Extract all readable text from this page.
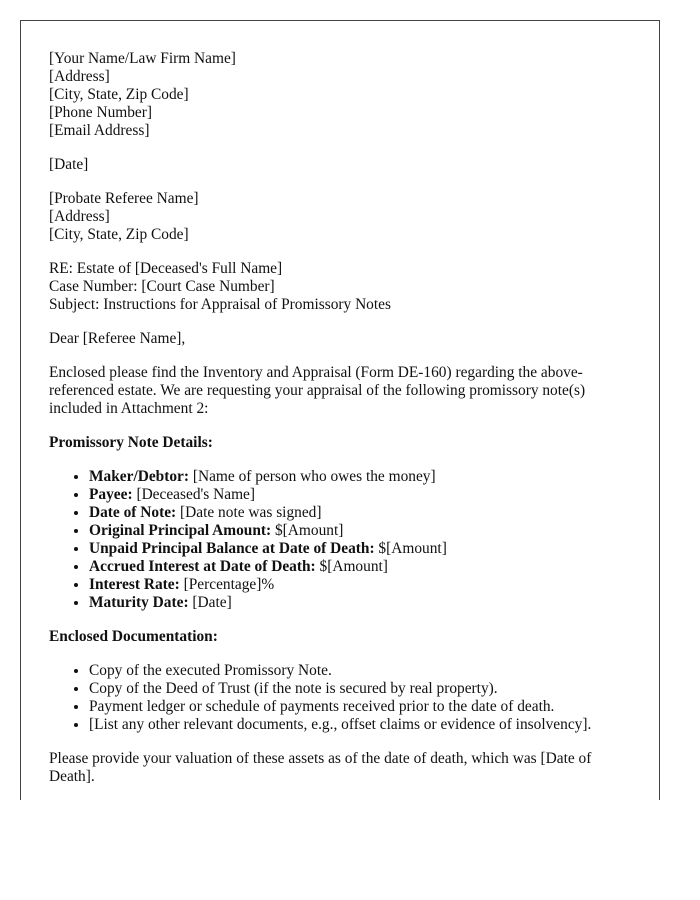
[Your Name/Law Firm Name]
[Address]
[City, State, Zip Code]
[Phone Number]
[Email Address]
[Date]
[Probate Referee Name]
[Address]
[City, State, Zip Code]
RE: Estate of [Deceased's Full Name]
Case Number: [Court Case Number]
Subject: Instructions for Appraisal of Promissory Notes

Dear [Referee Name],

Enclosed please find the Inventory and Appraisal (Form DE-160) regarding the above-referenced estate. We are requesting your appraisal of the following promissory note(s) included in Attachment 2:

Promissory Note Details:
• Maker/Debtor: [Name of person who owes the money]
• Payee: [Deceased's Name]
• Date of Note: [Date note was signed]
• Original Principal Amount: $[Amount]
• Unpaid Principal Balance at Date of Death: $[Amount]
• Accrued Interest at Date of Death: $[Amount]
• Interest Rate: [Percentage]%
• Maturity Date: [Date]
Enclosed Documentation:
• Copy of the executed Promissory Note.
• Copy of the Deed of Trust (if the note is secured by real property).
• Payment ledger or schedule of payments received prior to the date of death.
• [List any other relevant documents, e.g., offset claims or evidence of insolvency].

Please provide your valuation of these assets as of the date of death, which was [Date of Death].
